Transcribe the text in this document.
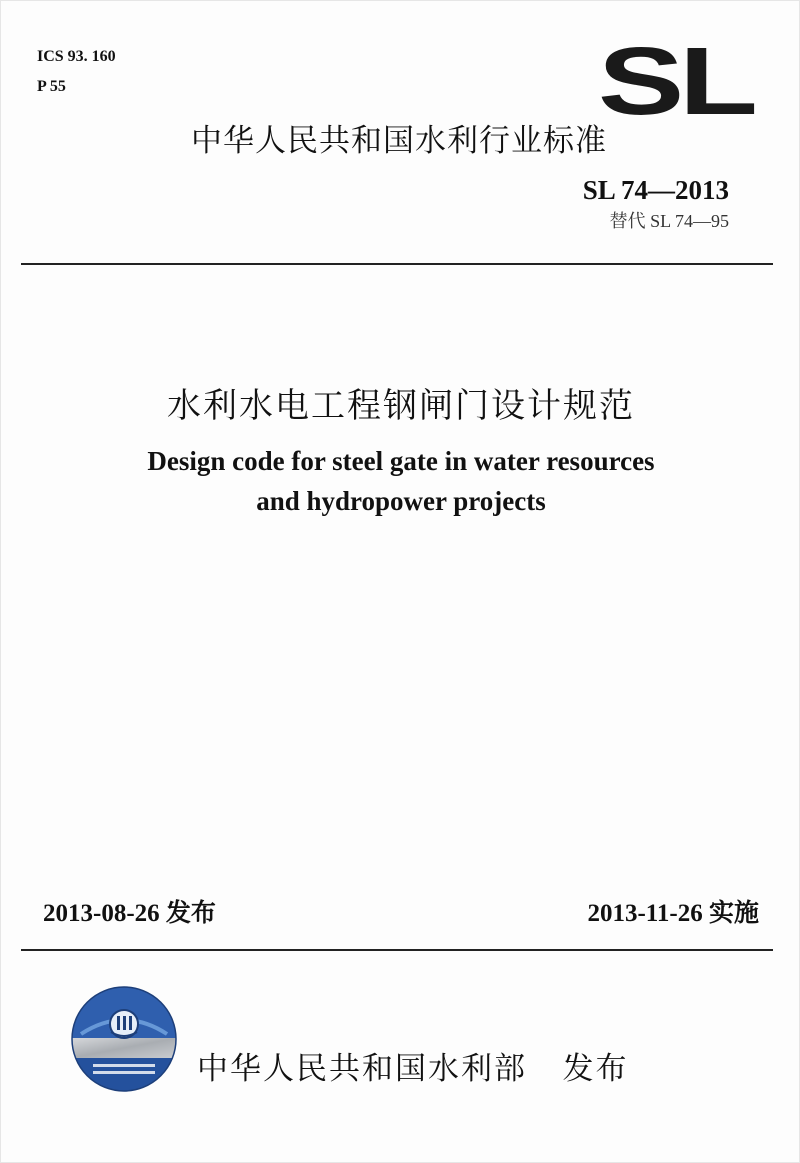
ICS 93. 160

P 55	SL
中华人民共和国水利行业标准
SL 74—2013
替代 SL 74—95
水利水电工程钢闸门设计规范
Design code for steel gate in water resources
and hydropower projects
2013-08-26 发布	2013-11-26 实施
中华人民共和国水利部   发布
